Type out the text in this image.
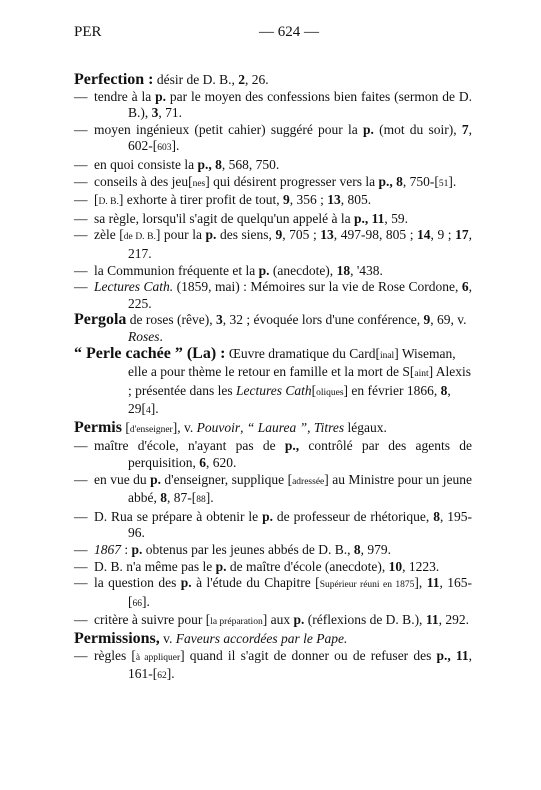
PER	— 624 —

Perfection : désir de D. B., 2, 26.

— tendre à la p. par le moyen des confessions bien faites (sermon de D. B.), 3, 71.

— moyen ingénieux (petit cahier) suggéré pour la p. (mot du soir), 7, 602-[603].

— en quoi consiste la p., 8, 568, 750.

— conseils à des jeu[nes] qui désirent progresser vers la p., 8, 750-[51].

— [D. B.] exhorte à tirer profit de tout, 9, 356 ; 13, 805.

— sa règle, lorsqu'il s'agit de quelqu'un appelé à la p., 11, 59.

— zèle [de D. B.] pour la p. des siens, 9, 705 ; 13, 497-98, 805 ; 14, 9 ; 17, 217.

— la Communion fréquente et la p. (anecdote), 18, '438.

— Lectures Cath. (1859, mai) : Mémoires sur la vie de Rose Cordone, 6, 225.

Pergola de roses (rêve), 3, 32 ; évoquée lors d'une conférence, 9, 69, v. Roses.

“ Perle cachée ” (La) : Œuvre dramatique du Card[inal] Wiseman, elle a pour thème le retour en famille et la mort de S[aint] Alexis ; présentée dans les Lectures Cath[oliques] en février 1866, 8, 29[4].

Permis [d'enseigner], v. Pouvoir, “ Laurea ”, Titres légaux.

— maître d'école, n'ayant pas de p., contrôlé par des agents de perquisition, 6, 620.

— en vue du p. d'enseigner, supplique [adressée] au Ministre pour un jeune abbé, 8, 87-[88].

— D. Rua se prépare à obtenir le p. de professeur de rhétorique, 8, 195-96.

— 1867 : p. obtenus par les jeunes abbés de D. B., 8, 979.

— D. B. n'a même pas le p. de maître d'école (anecdote), 10, 1223.

— la question des p. à l'étude du Chapitre [Supérieur réuni en 1875], 11, 165-[66].

— critère à suivre pour [la préparation] aux p. (réflexions de D. B.), 11, 292.

Permissions, v. Faveurs accordées par le Pape.

— règles [à appliquer] quand il s'agit de donner ou de refuser des p., 11, 161-[62].
